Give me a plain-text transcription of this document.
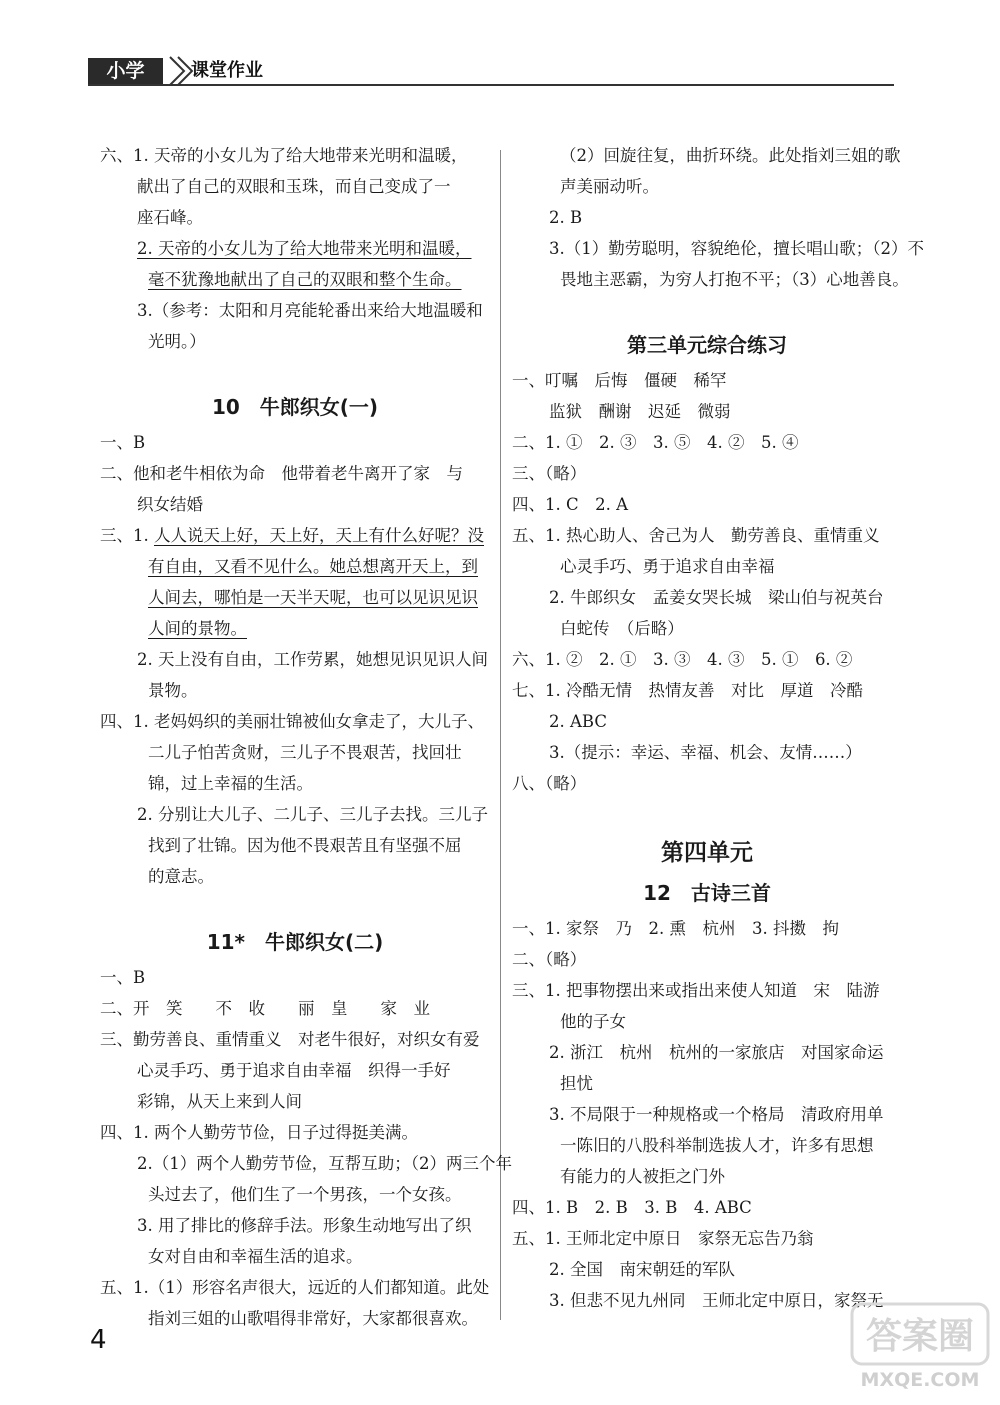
小学	课堂作业
六、1. 天帝的小女儿为了给大地带来光明和温暖，
献出了自己的双眼和玉珠，而自己变成了一
座石峰。
2. 天帝的小女儿为了给大地带来光明和温暖，
毫不犹豫地献出了自己的双眼和整个生命。
3.（参考：太阳和月亮能轮番出来给大地温暖和
光明。）
10　牛郎织女(一)
一、B
二、他和老牛相依为命　他带着老牛离开了家　与
织女结婚
三、1. 人人说天上好，天上好，天上有什么好呢？没
有自由，又看不见什么。她总想离开天上，到
人间去，哪怕是一天半天呢，也可以见识见识
人间的景物。
2. 天上没有自由，工作劳累，她想见识见识人间
景物。
四、1. 老妈妈织的美丽壮锦被仙女拿走了，大儿子、
二儿子怕苦贪财，三儿子不畏艰苦，找回壮
锦，过上幸福的生活。
2. 分别让大儿子、二儿子、三儿子去找。三儿子
找到了壮锦。因为他不畏艰苦且有坚强不屈
的意志。
11*　牛郎织女(二)
一、B
二、开　笑　　不　收　　丽　皇　　家　业
三、勤劳善良、重情重义　对老牛很好，对织女有爱
心灵手巧、勇于追求自由幸福　织得一手好
彩锦，从天上来到人间
四、1. 两个人勤劳节俭，日子过得挺美满。
2.（1）两个人勤劳节俭，互帮互助；（2）两三个年
头过去了，他们生了一个男孩，一个女孩。
3. 用了排比的修辞手法。形象生动地写出了织
女对自由和幸福生活的追求。
五、1.（1）形容名声很大，远近的人们都知道。此处
指刘三姐的山歌唱得非常好，大家都很喜欢。
（2）回旋往复，曲折环绕。此处指刘三姐的歌
声美丽动听。
2. B
3.（1）勤劳聪明，容貌绝伦，擅长唱山歌；（2）不
畏地主恶霸，为穷人打抱不平；（3）心地善良。
第三单元综合练习
一、叮嘱　后悔　僵硬　稀罕
监狱　酬谢　迟延　微弱
二、1. ①　2. ③　3. ⑤　4. ②　5. ④
三、（略）
四、1. C　2. A
五、1. 热心助人、舍己为人　勤劳善良、重情重义
心灵手巧、勇于追求自由幸福
2. 牛郎织女　孟姜女哭长城　梁山伯与祝英台
白蛇传　（后略）
六、1. ②　2. ①　3. ③　4. ③　5. ①　6. ②
七、1. 冷酷无情　热情友善　对比　厚道　冷酷
2. ABC
3.（提示：幸运、幸福、机会、友情……）
八、（略）
第四单元
12　古诗三首
一、1. 家祭　乃　2. 熏　杭州　3. 抖擞　拘
二、（略）
三、1. 把事物摆出来或指出来使人知道　宋　陆游
他的子女
2. 浙江　杭州　杭州的一家旅店　对国家命运
担忧
3. 不局限于一种规格或一个格局　清政府用单
一陈旧的八股科举制选拔人才，许多有思想
有能力的人被拒之门外
四、1. B　2. B　3. B　4. ABC
五、1. 王师北定中原日　家祭无忘告乃翁
2. 全国　南宋朝廷的军队
3. 但悲不见九州同　王师北定中原日，家祭无
4	答案圈
MXQE.COM
